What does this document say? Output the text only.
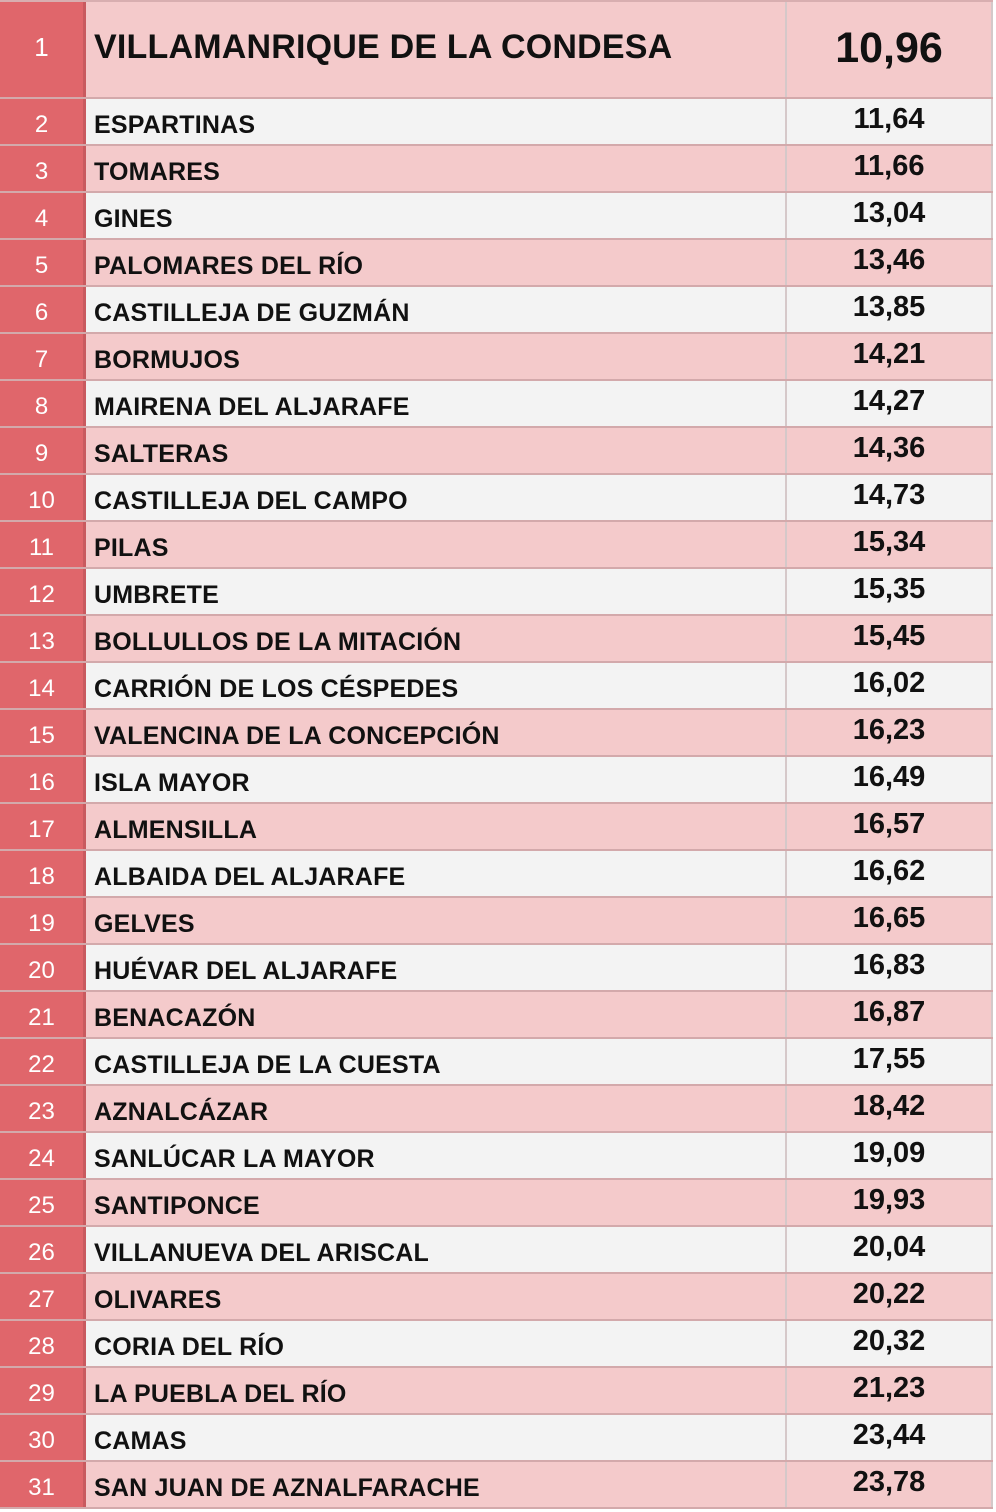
1	VILLAMANRIQUE DE LA CONDESA	10,96
2	ESPARTINAS	11,64
3	TOMARES	11,66
4	GINES	13,04
5	PALOMARES DEL RÍO	13,46
6	CASTILLEJA DE GUZMÁN	13,85
7	BORMUJOS	14,21
8	MAIRENA DEL ALJARAFE	14,27
9	SALTERAS	14,36
10	CASTILLEJA DEL CAMPO	14,73
11	PILAS	15,34
12	UMBRETE	15,35
13	BOLLULLOS DE LA MITACIÓN	15,45
14	CARRIÓN DE LOS CÉSPEDES	16,02
15	VALENCINA DE LA CONCEPCIÓN	16,23
16	ISLA MAYOR	16,49
17	ALMENSILLA	16,57
18	ALBAIDA DEL ALJARAFE	16,62
19	GELVES	16,65
20	HUÉVAR DEL ALJARAFE	16,83
21	BENACAZÓN	16,87
22	CASTILLEJA DE LA CUESTA	17,55
23	AZNALCÁZAR	18,42
24	SANLÚCAR LA MAYOR	19,09
25	SANTIPONCE	19,93
26	VILLANUEVA DEL ARISCAL	20,04
27	OLIVARES	20,22
28	CORIA DEL RÍO	20,32
29	LA PUEBLA DEL RÍO	21,23
30	CAMAS	23,44
31	SAN JUAN DE AZNALFARACHE	23,78
